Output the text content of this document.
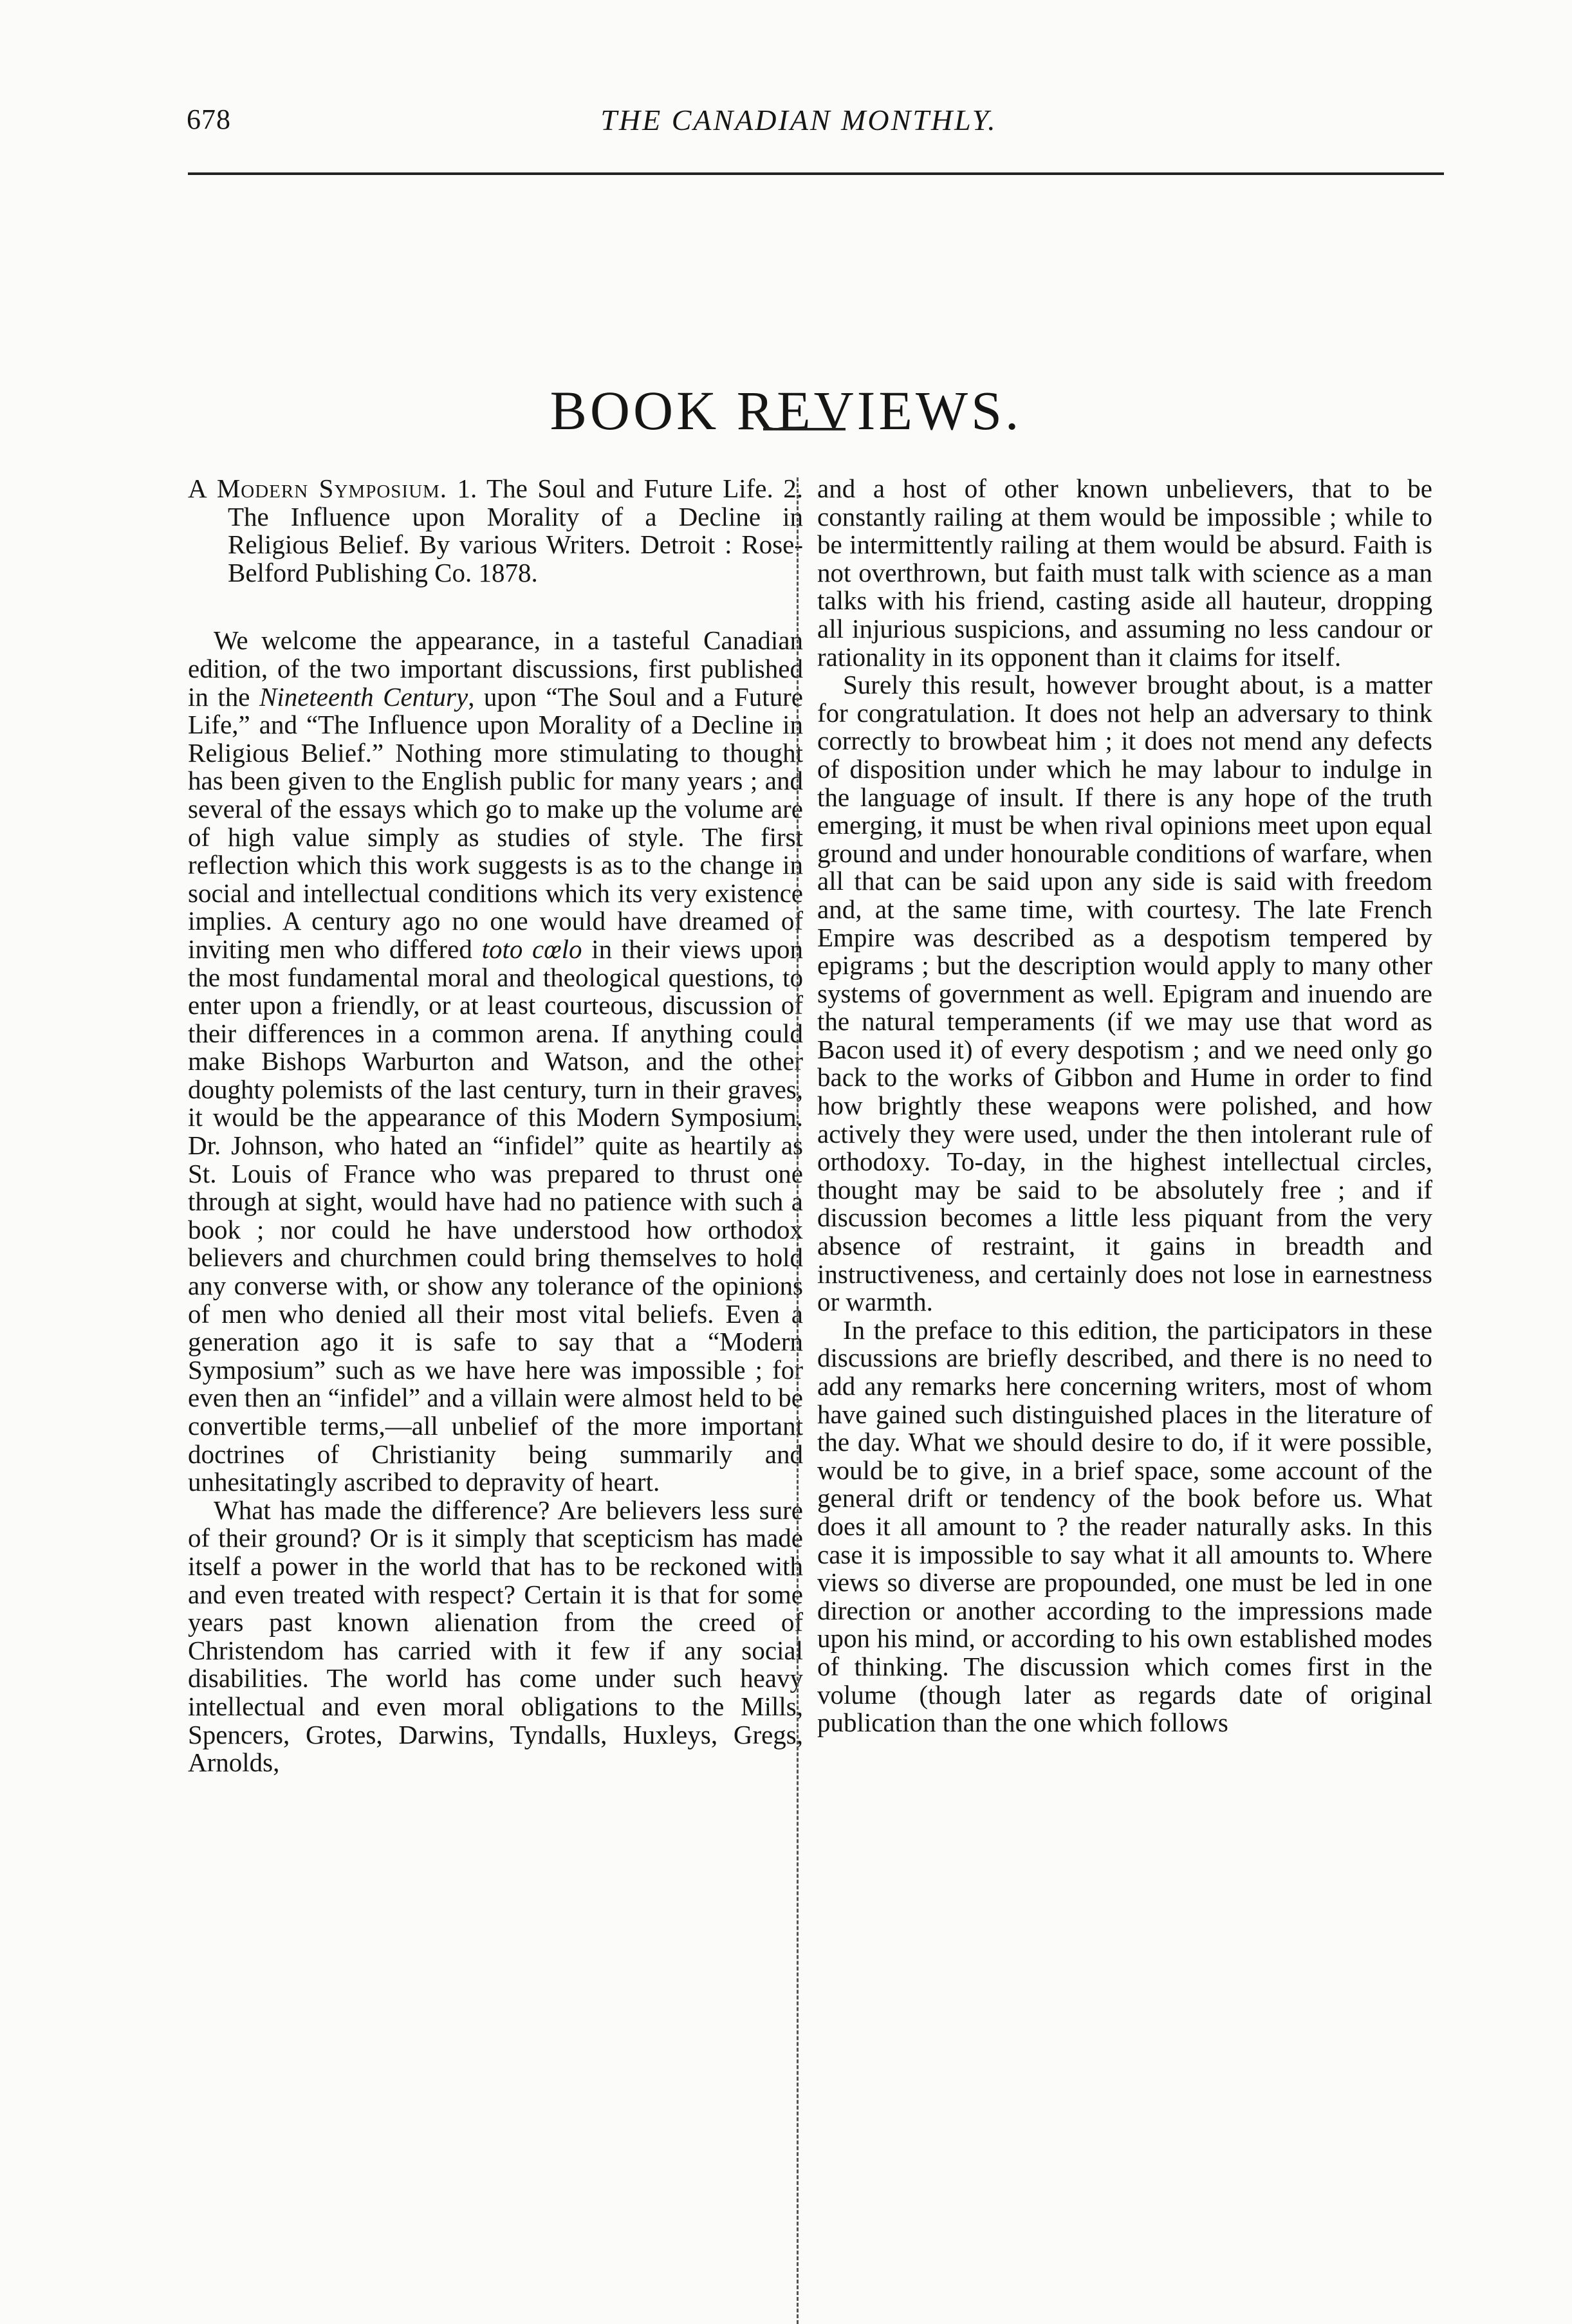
678	THE CANADIAN MONTHLY.
BOOK REVIEWS.
A Modern Symposium. 1. The Soul and Future Life. 2. The Influence upon Morality of a Decline in Religious Belief. By various Writers. Detroit : Rose-Belford Publishing Co. 1878.

We welcome the appearance, in a tasteful Canadian edition, of the two important discussions, first published in the Nineteenth Century, upon “The Soul and a Future Life,” and “The Influence upon Morality of a Decline in Religious Belief.” Nothing more stimulating to thought has been given to the English public for many years ; and several of the essays which go to make up the volume are of high value simply as studies of style. The first reflection which this work suggests is as to the change in social and intellectual conditions which its very existence implies. A century ago no one would have dreamed of inviting men who differed toto cœlo in their views upon the most fundamental moral and theological questions, to enter upon a friendly, or at least courteous, discussion of their differences in a common arena. If anything could make Bishops Warburton and Watson, and the other doughty polemists of the last century, turn in their graves, it would be the appearance of this Modern Symposium. Dr. Johnson, who hated an “infidel” quite as heartily as St. Louis of France who was prepared to thrust one through at sight, would have had no patience with such a book ; nor could he have understood how orthodox believers and churchmen could bring themselves to hold any converse with, or show any tolerance of the opinions of men who denied all their most vital beliefs. Even a generation ago it is safe to say that a “Modern Symposium” such as we have here was impossible ; for even then an “infidel” and a villain were almost held to be convertible terms,—all unbelief of the more important doctrines of Christianity being summarily and unhesitatingly ascribed to depravity of heart.

What has made the difference? Are believers less sure of their ground? Or is it simply that scepticism has made itself a power in the world that has to be reckoned with and even treated with respect? Certain it is that for some years past known alienation from the creed of Christendom has carried with it few if any social disabilities. The world has come under such heavy intellectual and even moral obligations to the Mills, Spencers, Grotes, Darwins, Tyndalls, Huxleys, Gregs, Arnolds,

and a host of other known unbelievers, that to be constantly railing at them would be impossible ; while to be intermittently railing at them would be absurd. Faith is not overthrown, but faith must talk with science as a man talks with his friend, casting aside all hauteur, dropping all injurious suspicions, and assuming no less candour or rationality in its opponent than it claims for itself.

Surely this result, however brought about, is a matter for congratulation. It does not help an adversary to think correctly to browbeat him ; it does not mend any defects of disposition under which he may labour to indulge in the language of insult. If there is any hope of the truth emerging, it must be when rival opinions meet upon equal ground and under honourable conditions of warfare, when all that can be said upon any side is said with freedom and, at the same time, with courtesy. The late French Empire was described as a despotism tempered by epigrams ; but the description would apply to many other systems of government as well. Epigram and inuendo are the natural temperaments (if we may use that word as Bacon used it) of every despotism ; and we need only go back to the works of Gibbon and Hume in order to find how brightly these weapons were polished, and how actively they were used, under the then intolerant rule of orthodoxy. To-day, in the highest intellectual circles, thought may be said to be absolutely free ; and if discussion becomes a little less piquant from the very absence of restraint, it gains in breadth and instructiveness, and certainly does not lose in earnestness or warmth.

In the preface to this edition, the participators in these discussions are briefly described, and there is no need to add any remarks here concerning writers, most of whom have gained such distinguished places in the literature of the day. What we should desire to do, if it were possible, would be to give, in a brief space, some account of the general drift or tendency of the book before us. What does it all amount to ? the reader naturally asks. In this case it is impossible to say what it all amounts to. Where views so diverse are propounded, one must be led in one direction or another according to the impressions made upon his mind, or according to his own established modes of thinking. The discussion which comes first in the volume (though later as regards date of original publication than the one which follows
